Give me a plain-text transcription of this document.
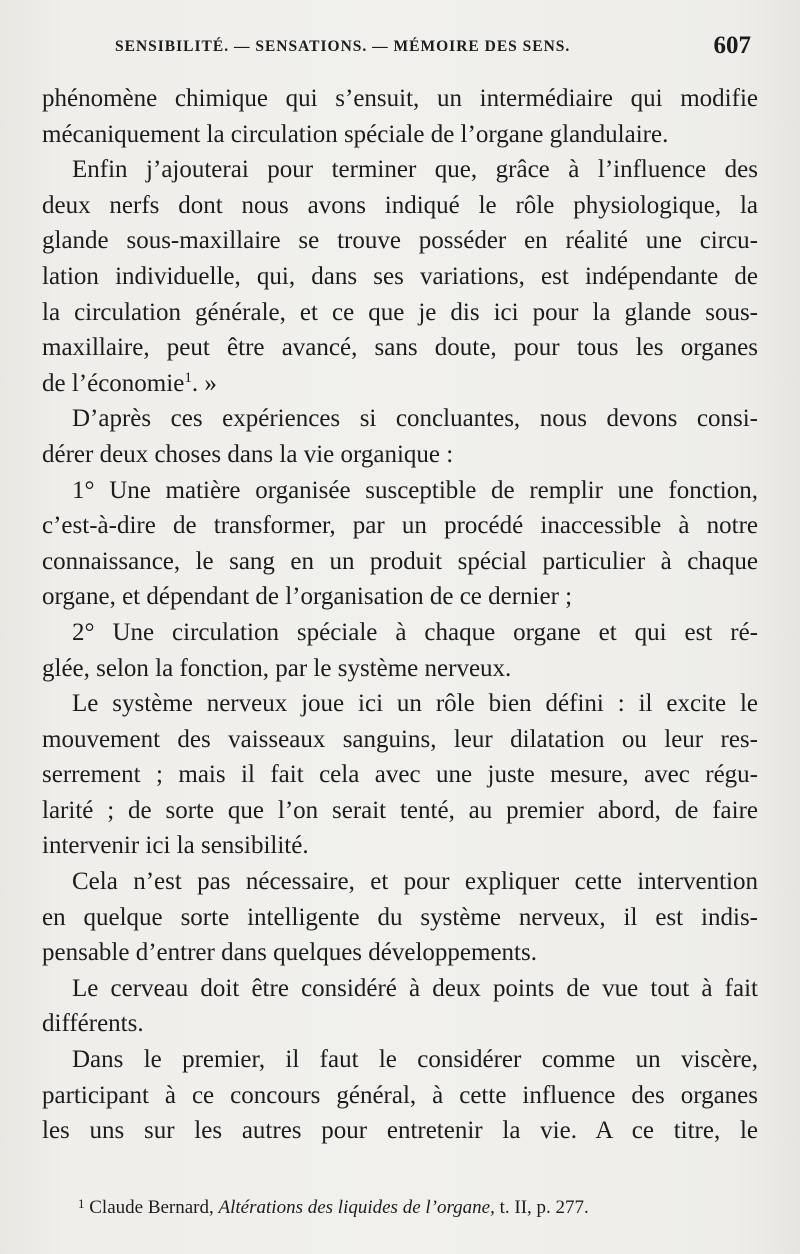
SENSIBILITÉ. — SENSATIONS. — MÉMOIRE DES SENS.	607
phénomène chimique qui s’ensuit, un intermédiaire qui modifie
mécaniquement la circulation spéciale de l’organe glandulaire.
Enfin j’ajouterai pour terminer que, grâce à l’influence des
deux nerfs dont nous avons indiqué le rôle physiologique, la
glande sous-maxillaire se trouve posséder en réalité une circu-
lation individuelle, qui, dans ses variations, est indépendante de
la circulation générale, et ce que je dis ici pour la glande sous-
maxillaire, peut être avancé, sans doute, pour tous les organes
de l’économie$^1$. »
D’après ces expériences si concluantes, nous devons consi-
dérer deux choses dans la vie organique :
1° Une matière organisée susceptible de remplir une fonction,
c’est-à-dire de transformer, par un procédé inaccessible à notre
connaissance, le sang en un produit spécial particulier à chaque
organe, et dépendant de l’organisation de ce dernier ;
2° Une circulation spéciale à chaque organe et qui est ré-
glée, selon la fonction, par le système nerveux.
Le système nerveux joue ici un rôle bien défini : il excite le
mouvement des vaisseaux sanguins, leur dilatation ou leur res-
serrement ; mais il fait cela avec une juste mesure, avec régu-
larité ; de sorte que l’on serait tenté, au premier abord, de faire
intervenir ici la sensibilité.
Cela n’est pas nécessaire, et pour expliquer cette intervention
en quelque sorte intelligente du système nerveux, il est indis-
pensable d’entrer dans quelques développements.
Le cerveau doit être considéré à deux points de vue tout à fait
différents.
Dans le premier, il faut le considérer comme un viscère,
participant à ce concours général, à cette influence des organes
les uns sur les autres pour entretenir la vie. A ce titre, le
$^1$ Claude Bernard, Altérations des liquides de l’organe, t. II, p. 277.
